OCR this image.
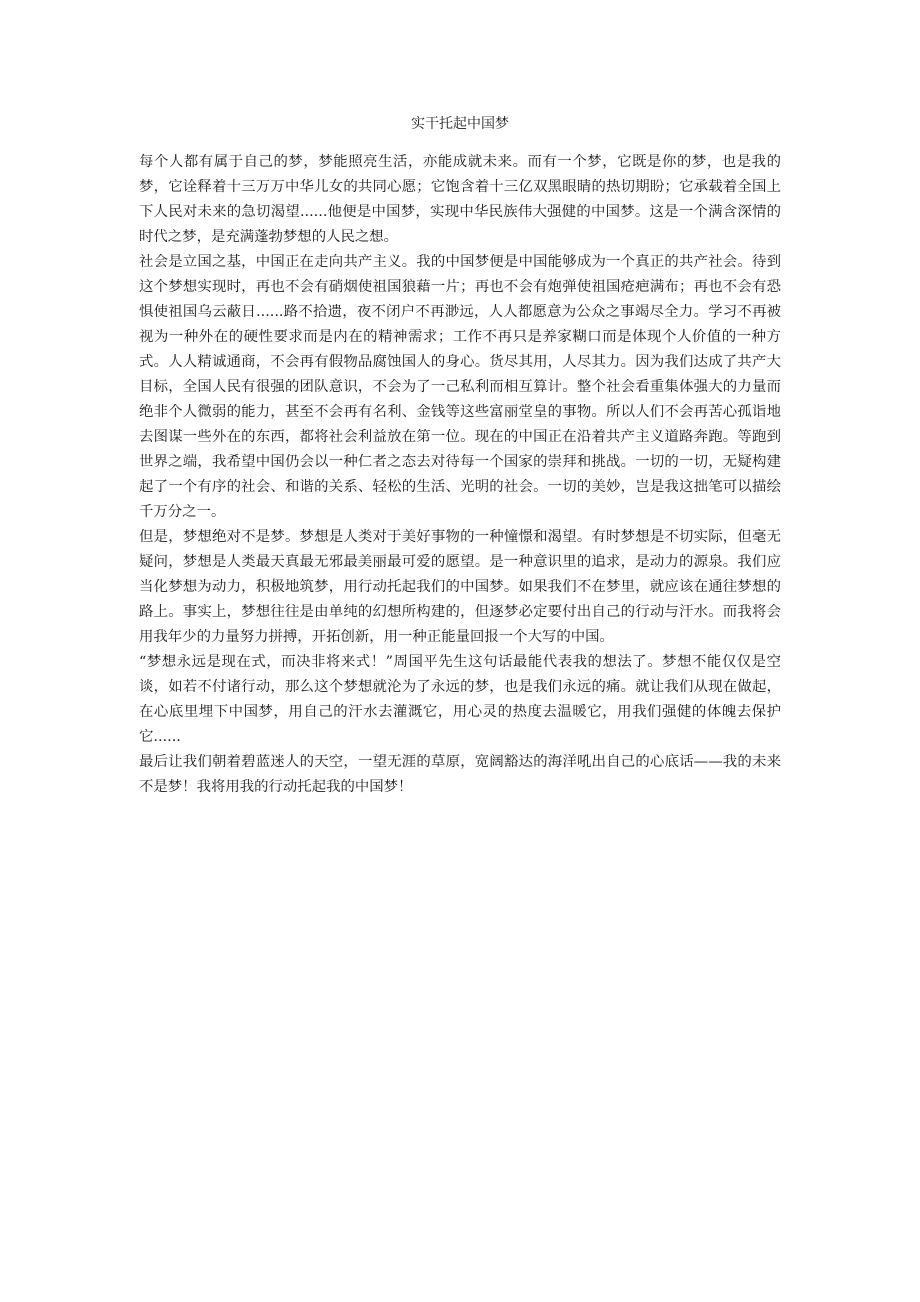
实干托起中国梦

每个人都有属于自己的梦，梦能照亮生活，亦能成就未来。而有一个梦，它既是你的梦，也是我的梦，它诠释着十三万万中华儿女的共同心愿；它饱含着十三亿双黑眼睛的热切期盼；它承载着全国上下人民对未来的急切渴望......他便是中国梦，实现中华民族伟大强健的中国梦。这是一个满含深情的时代之梦，是充满蓬勃梦想的人民之想。

社会是立国之基，中国正在走向共产主义。我的中国梦便是中国能够成为一个真正的共产社会。待到这个梦想实现时，再也不会有硝烟使祖国狼藉一片；再也不会有炮弹使祖国疮疤满布；再也不会有恐惧使祖国乌云蔽日......路不拾遗，夜不闭户不再渺远，人人都愿意为公众之事竭尽全力。学习不再被视为一种外在的硬性要求而是内在的精神需求；工作不再只是养家糊口而是体现个人价值的一种方式。人人精诚通商，不会再有假物品腐蚀国人的身心。货尽其用，人尽其力。因为我们达成了共产大目标，全国人民有很强的团队意识，不会为了一己私利而相互算计。整个社会看重集体强大的力量而绝非个人微弱的能力，甚至不会再有名利、金钱等这些富丽堂皇的事物。所以人们不会再苦心孤诣地去图谋一些外在的东西，都将社会利益放在第一位。现在的中国正在沿着共产主义道路奔跑。等跑到世界之端，我希望中国仍会以一种仁者之态去对待每一个国家的崇拜和挑战。一切的一切，无疑构建起了一个有序的社会、和谐的关系、轻松的生活、光明的社会。一切的美妙，岂是我这拙笔可以描绘千万分之一。

但是，梦想绝对不是梦。梦想是人类对于美好事物的一种憧憬和渴望。有时梦想是不切实际，但毫无疑问，梦想是人类最天真最无邪最美丽最可爱的愿望。是一种意识里的追求，是动力的源泉。我们应当化梦想为动力，积极地筑梦，用行动托起我们的中国梦。如果我们不在梦里，就应该在通往梦想的路上。事实上，梦想往往是由单纯的幻想所构建的，但逐梦必定要付出自己的行动与汗水。而我将会用我年少的力量努力拼搏，开拓创新，用一种正能量回报一个大写的中国。

“梦想永远是现在式，而决非将来式！”周国平先生这句话最能代表我的想法了。梦想不能仅仅是空谈，如若不付诸行动，那么这个梦想就沦为了永远的梦，也是我们永远的痛。就让我们从现在做起，在心底里埋下中国梦，用自己的汗水去灌溉它，用心灵的热度去温暖它，用我们强健的体魄去保护它......

最后让我们朝着碧蓝迷人的天空，一望无涯的草原，宽阔豁达的海洋吼出自己的心底话——我的未来不是梦！我将用我的行动托起我的中国梦！
